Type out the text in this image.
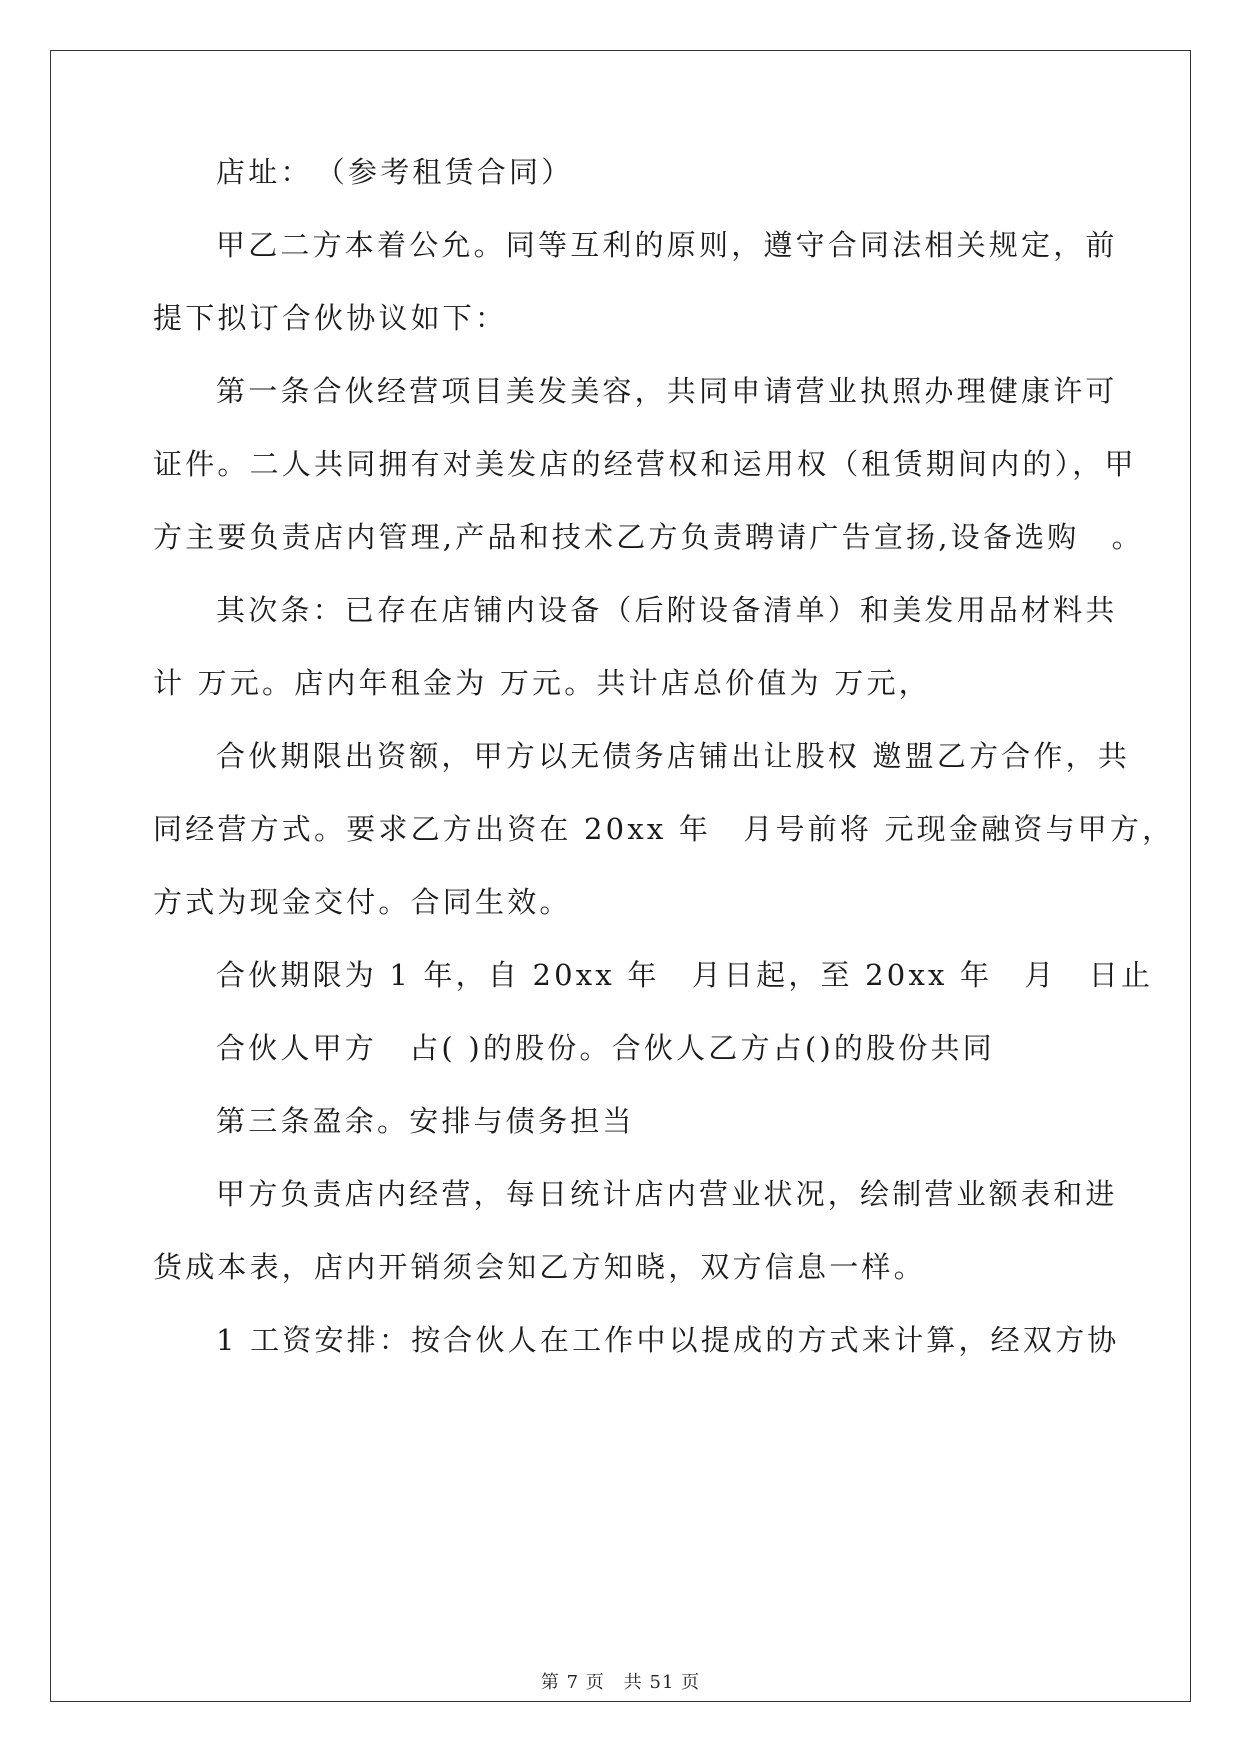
店址：　（参考租赁合同）
甲乙二方本着公允。同等互利的原则，遵守合同法相关规定，前
提下拟订合伙协议如下：
第一条合伙经营项目美发美容，共同申请营业执照办理健康许可
证件。二人共同拥有对美发店的经营权和运用权（租赁期间内的），甲
方主要负责店内管理,产品和技术乙方负责聘请广告宣扬,设备选购　。
其次条：已存在店铺内设备（后附设备清单）和美发用品材料共
计 万元。店内年租金为 万元。共计店总价值为 万元，
合伙期限出资额，甲方以无债务店铺出让股权 邀盟乙方合作，共
同经营方式。要求乙方出资在 20xx 年　月号前将 元现金融资与甲方，
方式为现金交付。合同生效。
合伙期限为 1 年，自 20xx 年　月日起，至 20xx 年　月　日止
合伙人甲方　占( )的股份。合伙人乙方占()的股份共同
第三条盈余。安排与债务担当
甲方负责店内经营，每日统计店内营业状况，绘制营业额表和进
货成本表，店内开销须会知乙方知晓，双方信息一样。
1 工资安排：按合伙人在工作中以提成的方式来计算，经双方协
第 7 页　共 51 页
